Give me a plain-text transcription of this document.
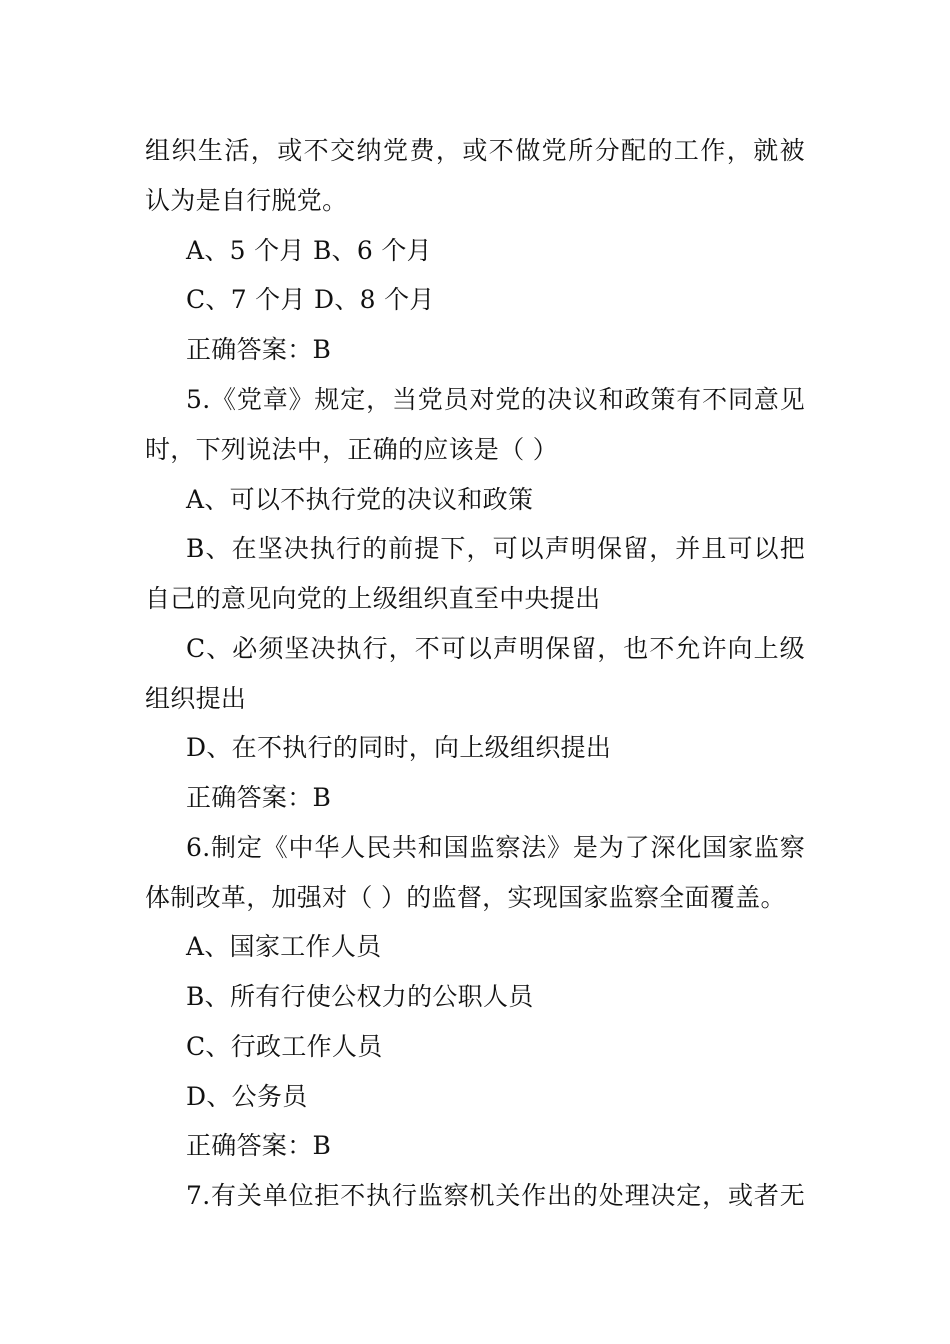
组织生活，或不交纳党费，或不做党所分配的工作，就被
认为是自行脱党。
A、5 个月 B、6 个月
C、7 个月 D、8 个月
正确答案：B
5.《党章》规定，当党员对党的决议和政策有不同意见
时，下列说法中，正确的应该是（ ）
A、可以不执行党的决议和政策
B、在坚决执行的前提下，可以声明保留，并且可以把
自己的意见向党的上级组织直至中央提出
C、必须坚决执行，不可以声明保留，也不允许向上级
组织提出
D、在不执行的同时，向上级组织提出
正确答案：B
6.制定《中华人民共和国监察法》是为了深化国家监察
体制改革，加强对（ ）的监督，实现国家监察全面覆盖。
A、国家工作人员
B、所有行使公权力的公职人员
C、行政工作人员
D、公务员
正确答案：B
7.有关单位拒不执行监察机关作出的处理决定，或者无
